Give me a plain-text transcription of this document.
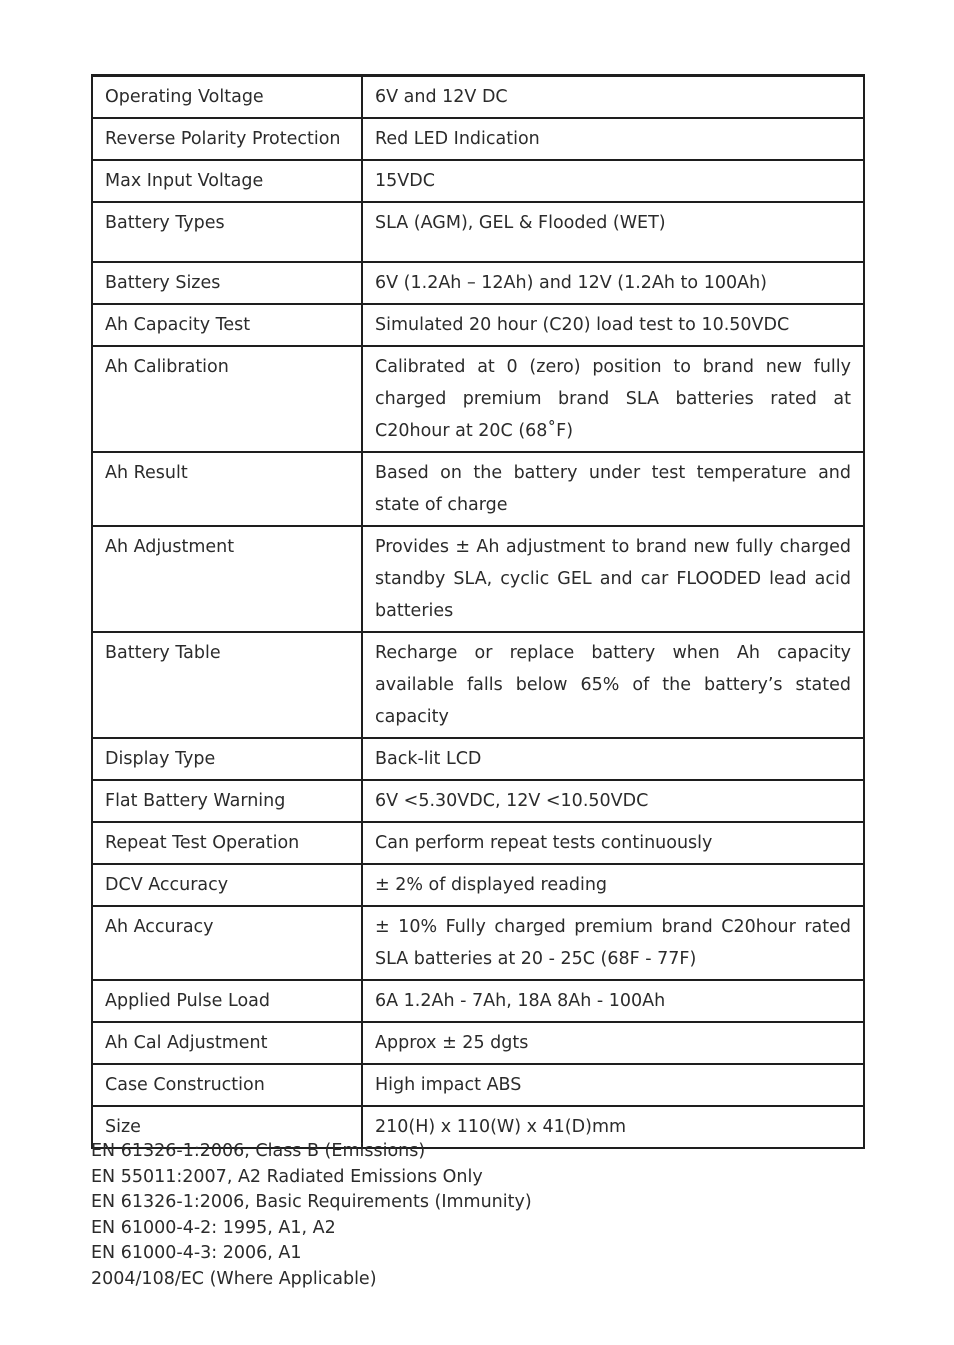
Operating Voltage	6V and 12V DC
Reverse Polarity Protection	Red LED Indication
Max Input Voltage	15VDC
Battery Types	SLA (AGM), GEL & Flooded (WET)
Battery Sizes	6V (1.2Ah – 12Ah) and 12V (1.2Ah to 100Ah)
Ah Capacity Test	Simulated 20 hour (C20) load test to 10.50VDC
Ah Calibration	Calibrated at 0 (zero) position to brand new fully charged premium brand SLA batteries rated at C20hour at 20C (68˚F)
Ah Result	Based on the battery under test temperature and state of charge
Ah Adjustment	Provides ± Ah adjustment to brand new fully charged standby SLA, cyclic GEL and car FLOODED lead acid batteries
Battery Table	Recharge or replace battery when Ah capacity available falls below 65% of the battery’s stated capacity
Display Type	Back-lit LCD
Flat Battery Warning	6V <5.30VDC, 12V <10.50VDC
Repeat Test Operation	Can perform repeat tests continuously
DCV Accuracy	± 2% of displayed reading
Ah Accuracy	± 10% Fully charged premium brand C20hour rated SLA batteries at 20 - 25C (68F - 77F)
Applied Pulse Load	6A 1.2Ah - 7Ah, 18A 8Ah - 100Ah
Ah Cal Adjustment	Approx ± 25 dgts
Case Construction	High impact ABS
Size	210(H) x 110(W) x 41(D)mm
EN 61326-1:2006, Class B (Emissions)
EN 55011:2007, A2 Radiated Emissions Only
EN 61326-1:2006, Basic Requirements (Immunity)
EN 61000-4-2: 1995, A1, A2
EN 61000-4-3: 2006, A1
2004/108/EC (Where Applicable)
